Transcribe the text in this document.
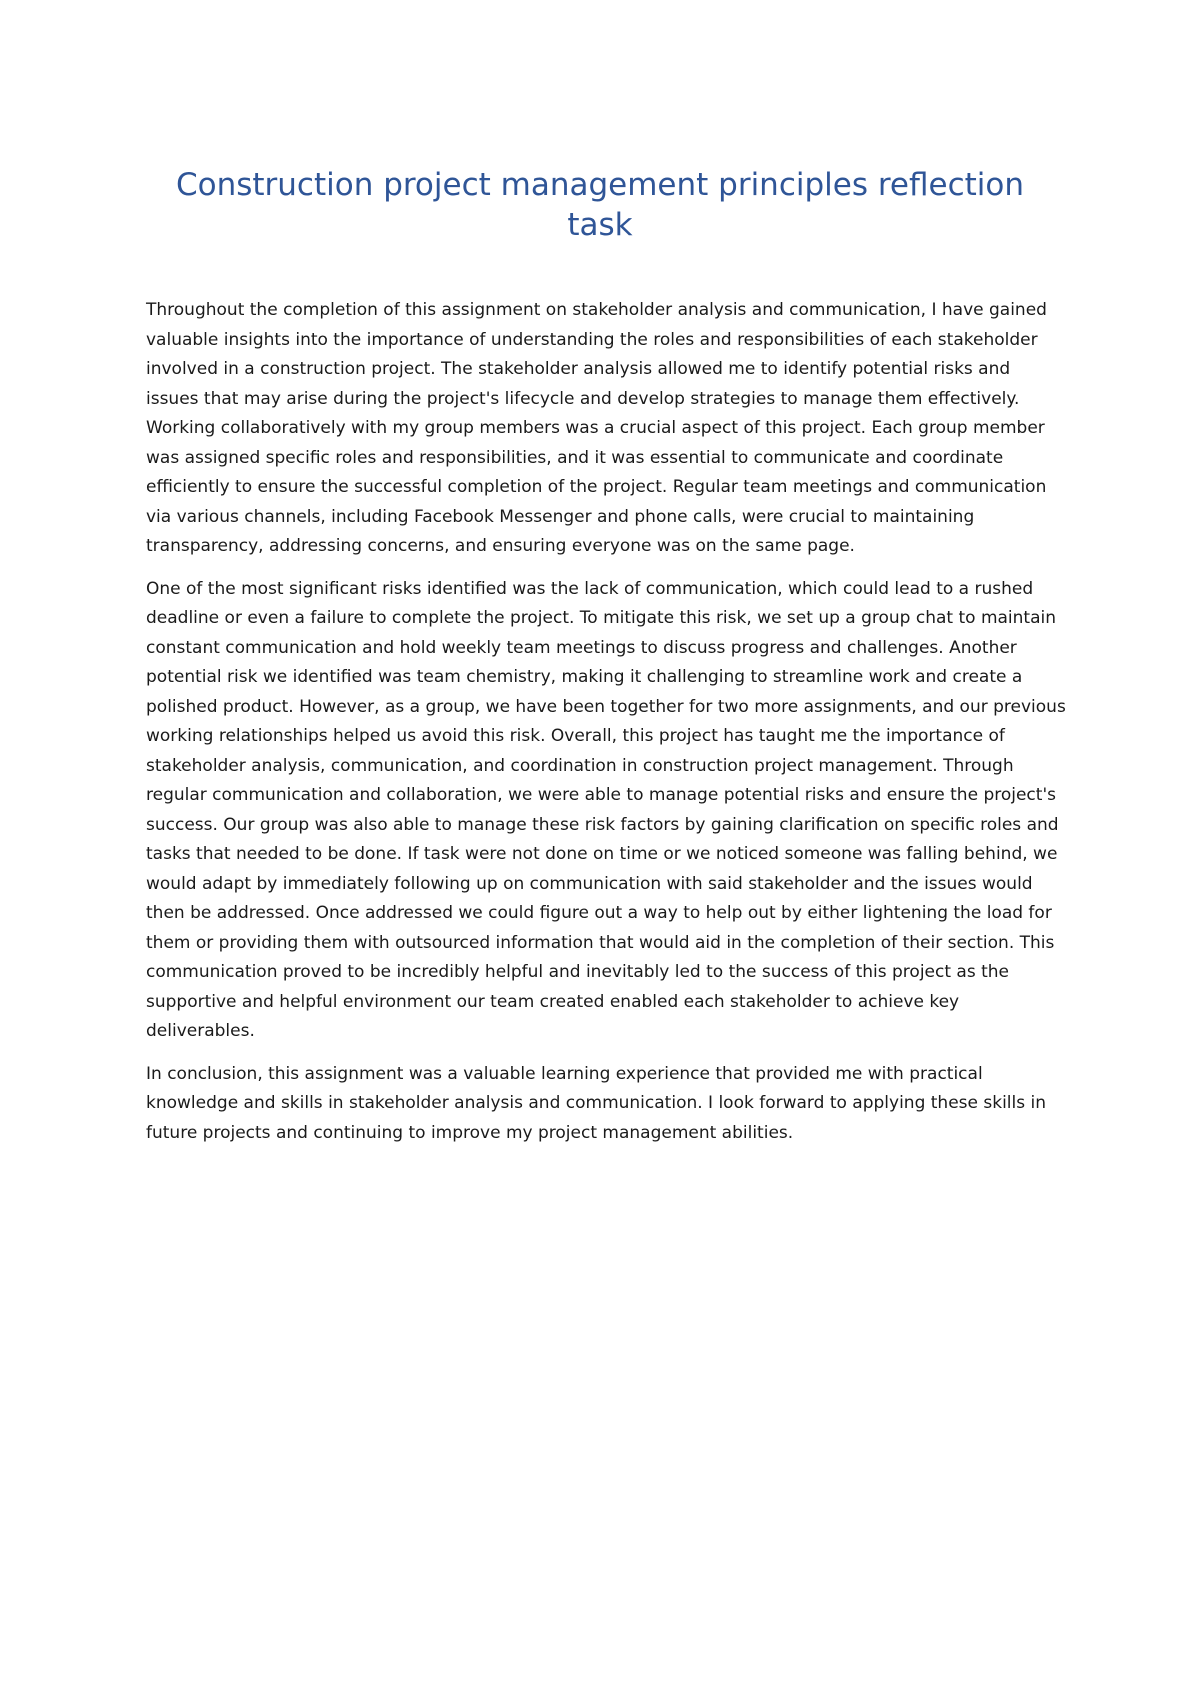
Construction project management principles reflection task

Throughout the completion of this assignment on stakeholder analysis and communication, I have gained valuable insights into the importance of understanding the roles and responsibilities of each stakeholder involved in a construction project. The stakeholder analysis allowed me to identify potential risks and issues that may arise during the project's lifecycle and develop strategies to manage them effectively. Working collaboratively with my group members was a crucial aspect of this project. Each group member was assigned specific roles and responsibilities, and it was essential to communicate and coordinate efficiently to ensure the successful completion of the project. Regular team meetings and communication via various channels, including Facebook Messenger and phone calls, were crucial to maintaining transparency, addressing concerns, and ensuring everyone was on the same page.

One of the most significant risks identified was the lack of communication, which could lead to a rushed deadline or even a failure to complete the project. To mitigate this risk, we set up a group chat to maintain constant communication and hold weekly team meetings to discuss progress and challenges. Another potential risk we identified was team chemistry, making it challenging to streamline work and create a polished product. However, as a group, we have been together for two more assignments, and our previous working relationships helped us avoid this risk. Overall, this project has taught me the importance of stakeholder analysis, communication, and coordination in construction project management. Through regular communication and collaboration, we were able to manage potential risks and ensure the project's success. Our group was also able to manage these risk factors by gaining clarification on specific roles and tasks that needed to be done. If task were not done on time or we noticed someone was falling behind, we would adapt by immediately following up on communication with said stakeholder and the issues would then be addressed. Once addressed we could figure out a way to help out by either lightening the load for them or providing them with outsourced information that would aid in the completion of their section. This communication proved to be incredibly helpful and inevitably led to the success of this project as the supportive and helpful environment our team created enabled each stakeholder to achieve key deliverables.

In conclusion, this assignment was a valuable learning experience that provided me with practical knowledge and skills in stakeholder analysis and communication. I look forward to applying these skills in future projects and continuing to improve my project management abilities.
